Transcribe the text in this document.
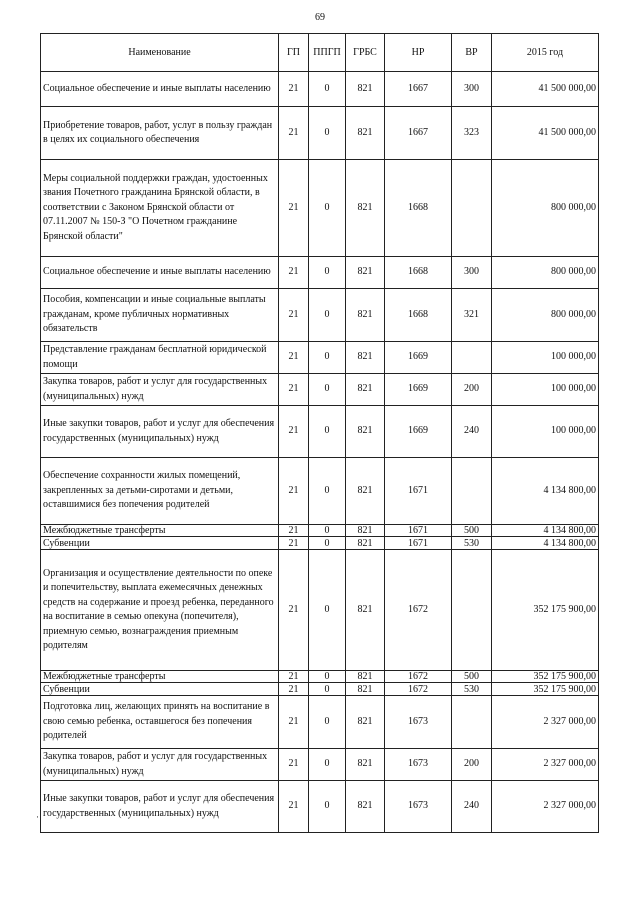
69
Наименование	ГП	ППГП	ГРБС	НР	ВР	2015 год
Социальное обеспечение и иные выплаты населению	21	0	821	1667	300	41 500 000,00
Приобретение товаров, работ, услуг в пользу граждан в целях их социального обеспечения	21	0	821	1667	323	41 500 000,00
Меры социальной поддержки граждан, удостоенных звания Почетного гражданина Брянской области, в соответствии с Законом Брянской области от 07.11.2007 № 150-З "О Почетном гражданине Брянской области"	21	0	821	1668		800 000,00
Социальное обеспечение и иные выплаты населению	21	0	821	1668	300	800 000,00
Пособия, компенсации и иные социальные выплаты гражданам, кроме публичных нормативных обязательств	21	0	821	1668	321	800 000,00
Представление гражданам бесплатной юридической помощи	21	0	821	1669		100 000,00
Закупка товаров, работ и услуг для государственных (муниципальных) нужд	21	0	821	1669	200	100 000,00
Иные закупки товаров, работ и услуг для обеспечения государственных (муниципальных) нужд	21	0	821	1669	240	100 000,00
Обеспечение сохранности жилых помещений, закрепленных за детьми-сиротами и детьми, оставшимися без попечения родителей	21	0	821	1671		4 134 800,00
Межбюджетные трансферты	21	0	821	1671	500	4 134 800,00
Субвенции	21	0	821	1671	530	4 134 800,00
Организация и осуществление деятельности по опеке и попечительству, выплата ежемесячных денежных средств на содержание и проезд ребенка, переданного на воспитание в семью опекуна (попечителя), приемную семью, вознаграждения приемным родителям	21	0	821	1672		352 175 900,00
Межбюджетные трансферты	21	0	821	1672	500	352 175 900,00
Субвенции	21	0	821	1672	530	352 175 900,00
Подготовка лиц, желающих принять на воспитание в свою семью ребенка, оставшегося без попечения родителей	21	0	821	1673		2 327 000,00
Закупка товаров, работ и услуг для государственных (муниципальных) нужд	21	0	821	1673	200	2 327 000,00
Иные закупки товаров, работ и услуг для обеспечения государственных (муниципальных) нужд	21	0	821	1673	240	2 327 000,00
·
